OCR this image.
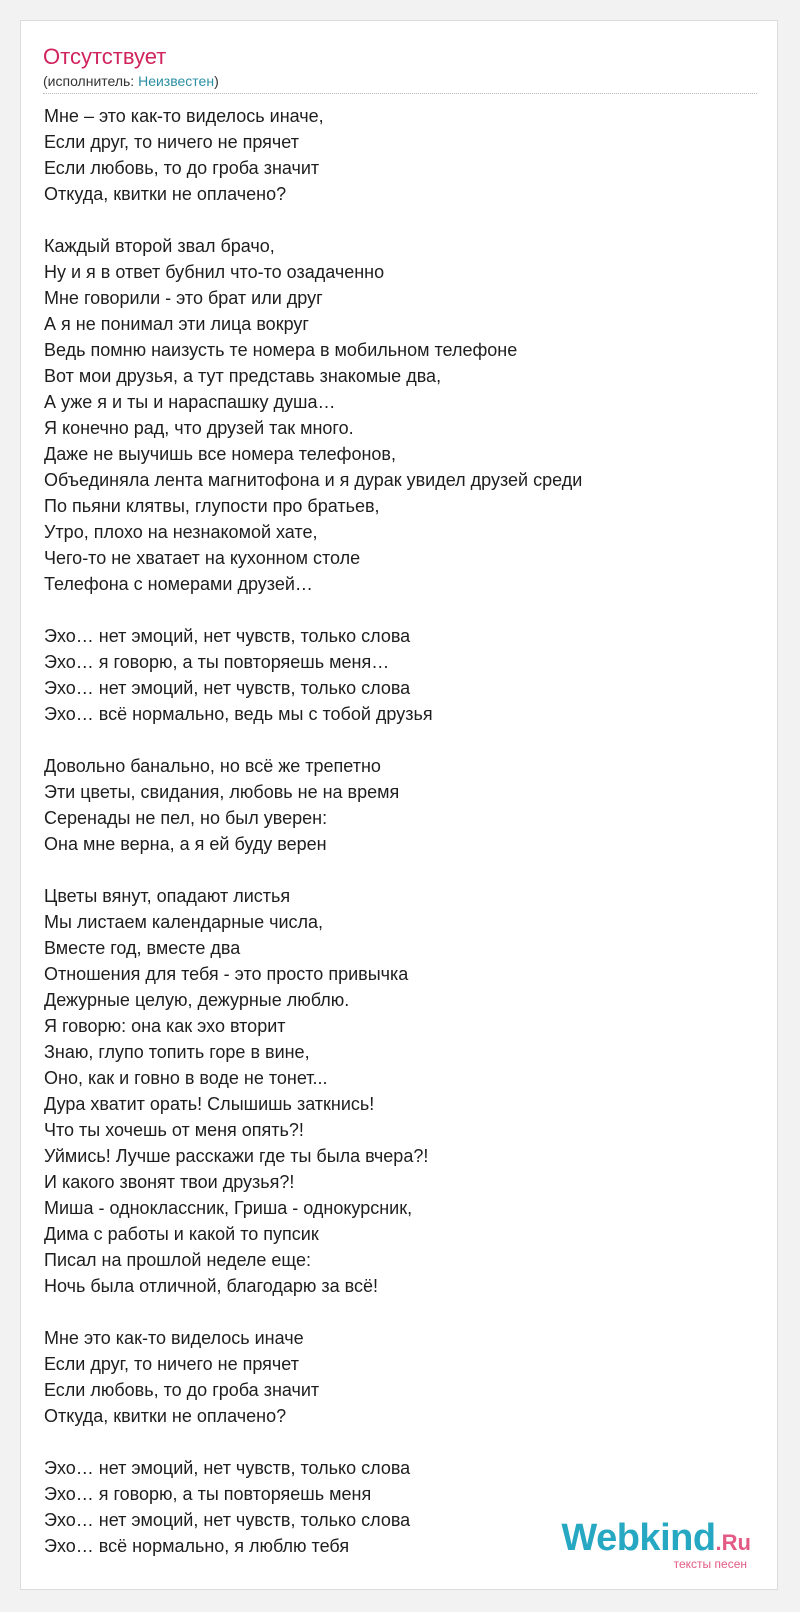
Отсутствует
(исполнитель: Неизвестен)
Мне – это как-то виделось иначе,
Если друг, то ничего не прячет
Если любовь, то до гроба значит
Откуда, квитки не оплачено?
Каждый второй звал брачо,
Ну и я в ответ бубнил что-то озадаченно
Мне говорили - это брат или друг
А я не понимал эти лица вокруг
Ведь помню наизусть те номера в мобильном телефоне
Вот мои друзья, а тут представь знакомые два,
А уже я и ты и нараспашку душа…
Я конечно рад, что друзей так много.
Даже не выучишь все номера телефонов,
Объединяла лента магнитофона и я дурак увидел друзей среди
По пьяни клятвы, глупости про братьев,
Утро, плохо на незнакомой хате,
Чего-то не хватает на кухонном столе
Телефона с номерами друзей…
Эхо… нет эмоций, нет чувств, только слова
Эхо… я говорю, а ты повторяешь меня…
Эхо… нет эмоций, нет чувств, только слова
Эхо… всё нормально, ведь мы с тобой друзья
Довольно банально, но всё же трепетно
Эти цветы, свидания, любовь не на время
Серенады не пел, но был уверен:
Она мне верна, а я ей буду верен
Цветы вянут, опадают листья
Мы листаем календарные числа,
Вместе год, вместе два
Отношения для тебя - это просто привычка
Дежурные целую, дежурные люблю.
Я говорю: она как эхо вторит
Знаю, глупо топить горе в вине,
Оно, как и говно в воде не тонет...
Дура хватит орать! Слышишь заткнись!
Что ты хочешь от меня опять?!
Уймись! Лучше расскажи где ты была вчера?!
И какого звонят твои друзья?!
Миша - одноклассник, Гриша - однокурсник,
Дима с работы и какой то пупсик
Писал на прошлой неделе еще:
Ночь была отличной, благодарю за всё!
Мне это как-то виделось иначе
Если друг, то ничего не прячет
Если любовь, то до гроба значит
Откуда, квитки не оплачено?
Эхо… нет эмоций, нет чувств, только слова
Эхо… я говорю, а ты повторяешь меня
Эхо… нет эмоций, нет чувств, только слова
Эхо… всё нормально, я люблю тебя	Webkind.Ru
тексты песен
